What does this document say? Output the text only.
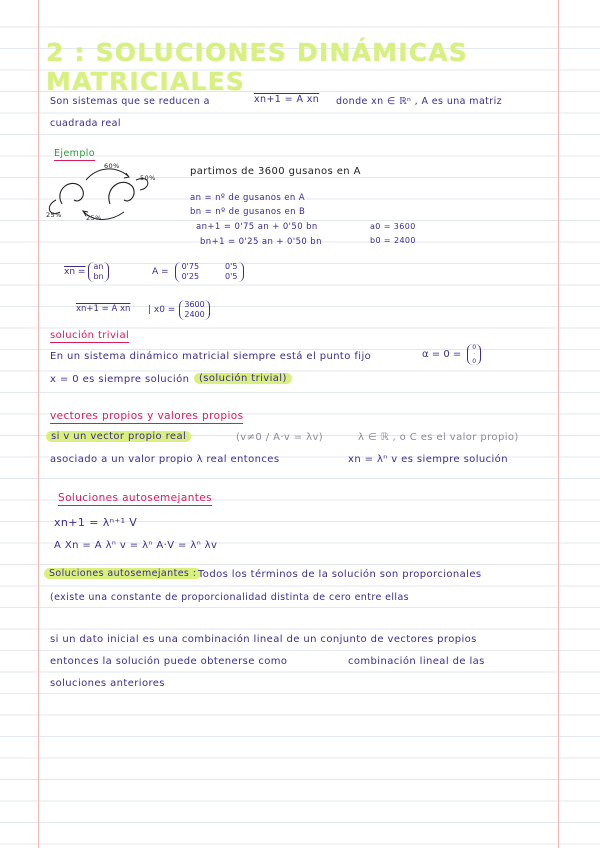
2 : SOLUCIONES DINÁMICAS MATRICIALES
Son sistemas que se reducen a	xn+1 = A xn donde xn ∈ ℝⁿ , A es una matriz
cuadrada real
Ejemplo
60%
50%
25%	25%
partimos de 3600 gusanos en A
an = nº de gusanos en A
bn = nº de gusanos en B
an+1 = 0'75 an + 0'50 bn
bn+1 = 0'25 an + 0'50 bn
a0 = 3600
b0 = 2400
xn =
an
bn	A =
0'75	0'5
0'25	0'5
xn+1 = A xn | x0 =
3600
2400
solución trivial
En un sistema dinámico matricial siempre está el punto fijo	α = 0 =
0
·
0
x = 0 es siempre solución (solución trivial)
vectores propios y valores propios
si v un vector propio real	(v≠0 / A·v = λv)	λ ∈ ℝ , o C es el valor propio)
asociado a un valor propio λ real entonces	xn = λⁿ v es siempre solución
Soluciones autosemejantes
xn+1 = λⁿ⁺¹ V
A Xn = A λⁿ v = λⁿ A·V = λⁿ λv
Soluciones autosemejantes : Todos los términos de la solución son proporcionales
(existe una constante de proporcionalidad distinta de cero entre ellas
si un dato inicial es una combinación lineal de un conjunto de vectores propios
entonces la solución puede obtenerse como	combinación lineal de las
soluciones anteriores
